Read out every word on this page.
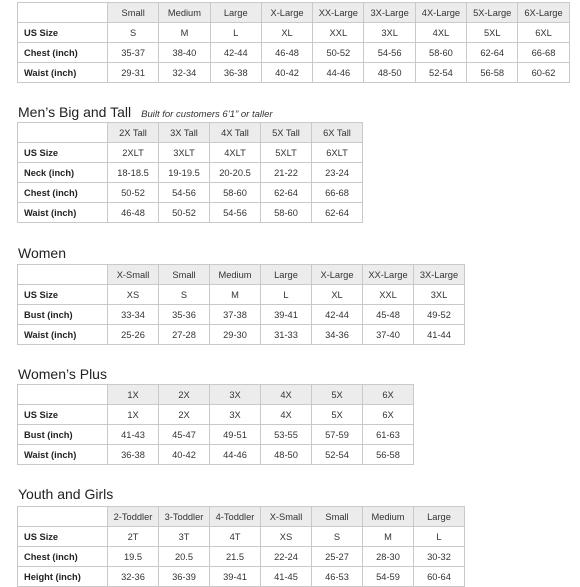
	Small	Medium	Large	X-Large	XX-Large	3X-Large	4X-Large	5X-Large	6X-Large
US Size	S	M	L	XL	XXL	3XL	4XL	5XL	6XL
Chest (inch)	35-37	38-40	42-44	46-48	50-52	54-56	58-60	62-64	66-68
Waist (inch)	29-31	32-34	36-38	40-42	44-46	48-50	52-54	56-58	60-62
Men’s Big and Tall Built for customers 6’1” or taller
	2X Tall	3X Tall	4X Tall	5X Tall	6X Tall
US Size	2XLT	3XLT	4XLT	5XLT	6XLT
Neck (inch)	18-18.5	19-19.5	20-20.5	21-22	23-24
Chest (inch)	50-52	54-56	58-60	62-64	66-68
Waist (inch)	46-48	50-52	54-56	58-60	62-64
Women
	X-Small	Small	Medium	Large	X-Large	XX-Large	3X-Large
US Size	XS	S	M	L	XL	XXL	3XL
Bust (inch)	33-34	35-36	37-38	39-41	42-44	45-48	49-52
Waist (inch)	25-26	27-28	29-30	31-33	34-36	37-40	41-44
Women’s Plus
	1X	2X	3X	4X	5X	6X
US Size	1X	2X	3X	4X	5X	6X
Bust (inch)	41-43	45-47	49-51	53-55	57-59	61-63
Waist (inch)	36-38	40-42	44-46	48-50	52-54	56-58
Youth and Girls
	2-Toddler	3-Toddler	4-Toddler	X-Small	Small	Medium	Large
US Size	2T	3T	4T	XS	S	M	L
Chest (inch)	19.5	20.5	21.5	22-24	25-27	28-30	30-32
Height (inch)	32-36	36-39	39-41	41-45	46-53	54-59	60-64
